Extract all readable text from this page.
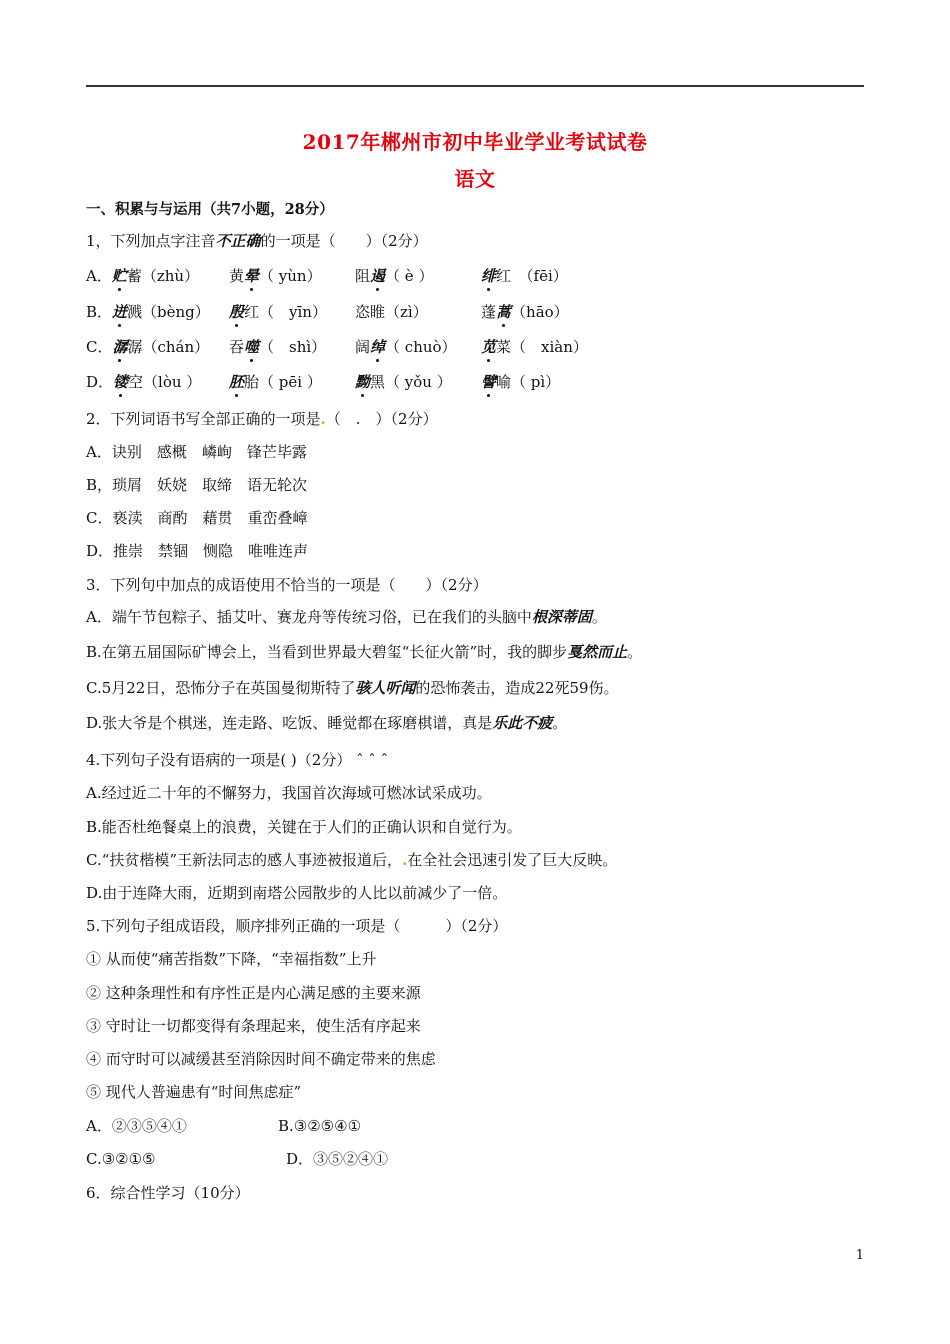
2017年郴州市初中毕业学业考试试卷
语文
一、积累与与运用（共7小题，28分）
1，下列加点字注音不正确的一项是（　　）（2分）
A．贮蓄（zhù） 黄晕（ yùn） 阻遏（ è ）	绯红　（fēi）
B．迸溅（bèng） 殷红（　yīn） 恣睢（zì）	蓬蒿（hāo）
C．潺潺（chán） 吞噬（　shì） 阔绰（ chuò） 苋菜（　xiàn）
D．镂空（lòu ） 胚胎（ pēi ） 黝黑（ yǒu ） 譬喻（ pì）
2．下列词语书写全部正确的一项是.（　.　）（2分）
A．诀别　感概　嶙峋　锋芒毕露
B，琐屑　妖娆　取缔　语无轮次
C．亵渎　商酌　藉贯　重峦叠嶂
D．推崇　禁锢　恻隐　唯唯连声
3．下列句中加点的成语使用不恰当的一项是（　　）（2分）
A．端午节包粽子、插艾叶、赛龙舟等传统习俗，已在我们的头脑中根深蒂固。
B.在第五届国际矿博会上，当看到世界最大碧玺“长征火箭”时，我的脚步戛然而止。
C.5月22日，恐怖分子在英国曼彻斯特了骇人听闻的恐怖袭击，造成22死59伤。
D.张大爷是个棋迷，连走路、吃饭、睡觉都在琢磨棋谱，真是乐此不疲。
4.下列句子没有语病的一项是( )（2分） ˆ ˆ ˆ
A.经过近二十年的不懈努力，我国首次海域可燃冰试采成功。
B.能否杜绝餐桌上的浪费，关键在于人们的正确认识和自觉行为。
C.“扶贫楷模”王新法同志的感人事迹被报道后，.在全社会迅速引发了巨大反映。
D.由于连降大雨，近期到南塔公园散步的人比以前减少了一倍。
5.下列句子组成语段，顺序排列正确的一项是（　　　）（2分）
① 从而使“痛苦指数”下降，“幸福指数”上升
② 这种条理性和有序性正是内心满足感的主要来源
③ 守时让一切都变得有条理起来，使生活有序起来
④ 而守时可以减缓甚至消除因时间不确定带来的焦虑
⑤ 现代人普遍患有“时间焦虑症”
A．②③⑤④①	B.③②⑤④①
C.③②①⑤	D．③⑤②④①
6．综合性学习（10分）
1
